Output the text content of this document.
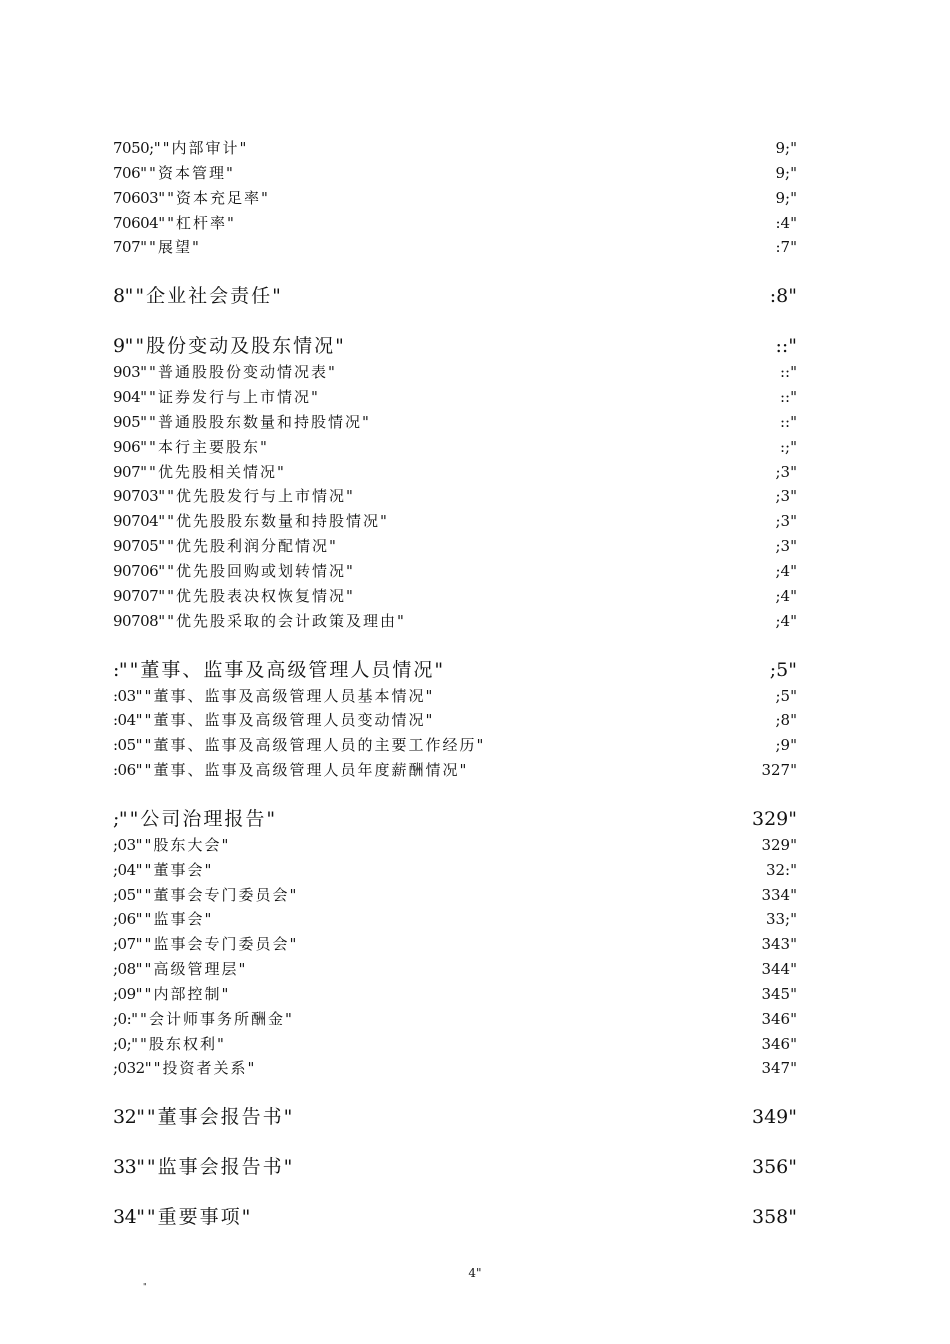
7050;""内部审计"	9;"
706""资本管理"	9;"
70603""资本充足率"	9;"
70604""杠杆率"	:4"
707""展望"	:7"
8""企业社会责任"	:8"
9""股份变动及股东情况"	::"
903""普通股股份变动情况表"	::"
904""证券发行与上市情况"	::"
905""普通股股东数量和持股情况"	::"
906""本行主要股东"	:;"
907""优先股相关情况"	;3"
90703""优先股发行与上市情况"	;3"
90704""优先股股东数量和持股情况"	;3"
90705""优先股利润分配情况"	;3"
90706""优先股回购或划转情况"	;4"
90707""优先股表决权恢复情况"	;4"
90708""优先股采取的会计政策及理由"	;4"
:""董事、监事及高级管理人员情况"	;5"
:03""董事、监事及高级管理人员基本情况"	;5"
:04""董事、监事及高级管理人员变动情况"	;8"
:05""董事、监事及高级管理人员的主要工作经历"	;9"
:06""董事、监事及高级管理人员年度薪酬情况"	327"
;""公司治理报告"	329"
;03""股东大会"	329"
;04""董事会"	32:"
;05""董事会专门委员会"	334"
;06""监事会"	33;"
;07""监事会专门委员会"	343"
;08""高级管理层"	344"
;09""内部控制"	345"
;0:""会计师事务所酬金"	346"
;0;""股东权利"	346"
;032""投资者关系"	347"
32""董事会报告书"	349"
33""监事会报告书"	356"
34""重要事项"	358"
4"
"
